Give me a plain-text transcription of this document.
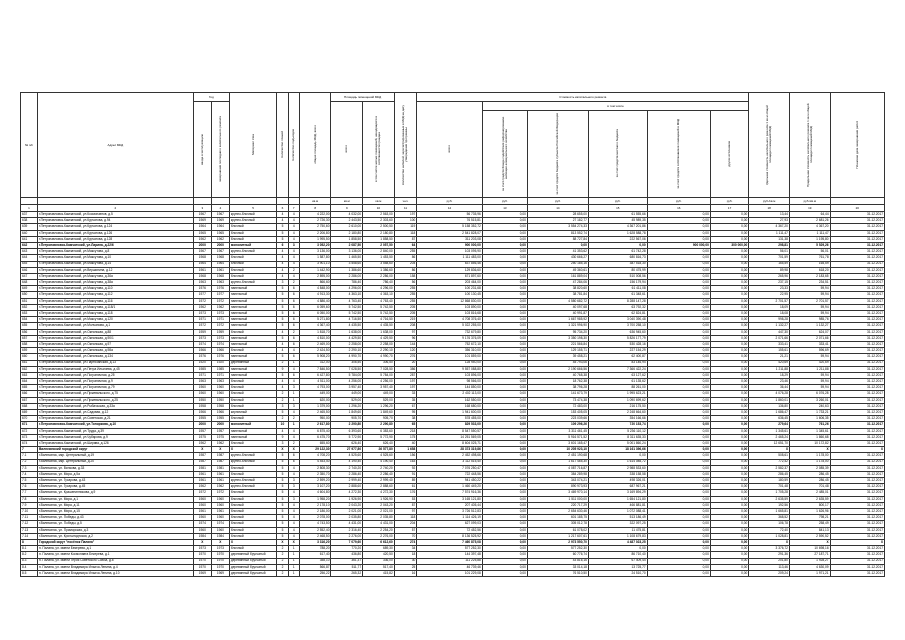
№ п/п	Адрес МКД	Год		Материал стен	Количество этажей	Количество подъездов	общая площадь МКД, всего	Площадь помещений МКД		Количество жителей, зарегистрированных в МКД на дату утверждения программы	Стоимость капитального ремонта						Удельная стоимость капитального ремонта 1 кв.м общей площади помещений МКД	Предельная стоимость капитального ремонта 1 кв.м общей площади помещений МКД	Плановая дата завершения работ
		ввода в эксплуатацию	завершения последнего капитального ремонта					всего	в том числе жилых помещений, находящихся в собственности граждан		всего	в том числе							
												за счет средств Фонда содействия реформированию жилищно-коммунального хозяйства	за счет средств бюджета субъекта Российской Федерации	за счет средств местного бюджета	за счет средств собственников помещений в МКД	других источников			
							кв.м	кв.м	кв.м	чел.	руб.	руб.	руб.	руб.	руб.	руб.	руб./кв.м	руб./кв.м	
1	2	3	4	5	6	7	8	9	10	11	12	13	14	15	16	17	18	19	20
637	г.Петропавловск-Камчатский, ул.Космонавтов, д.5	1967	1967	крупно-блочный	4	4	4 222,00	4 032,00	2 563,00	197	56 735,96	0,00	28 655,00	61 555,66	0,00	0,00	13,44	64,44	31.12.2017
638	г.Петропавловск-Камчатский, ул.Курчатова, д.94	1969	1969	крупно-блочный	4	4	2 726,30	2 443,50	2 303,60	100	76 515,81	0,00	27 182,77	45 989,35	0,00	0,00	27,93	2 681,26	31.12.2017
639	г.Петропавловск-Камчатский, ул.Курчатова, д.124	1964	1964	блочный	5	4	2 750,60	2 610,00	2 500,50	119	5 158 352,72	0,00	3 554 274,33	4 367 201,86	0,00	0,00	4 367,20	4 367,20	31.12.2017
640	г.Петропавловск-Камчатский, ул.Курчатова, д.126	1965	1965	блочный	5	4	2 206,80	2 180,80	2 180,80	118	2 541 828,07	0,00	813 552,74	1 628 588,78	0,00	0,00	1 111,47	1 111,47	31.12.2017
641	г.Петропавловск-Камчатский, ул.Курчатова, д.128	1962	1962	блочный	5	4	1 995,50	1 858,50	1 858,50	87	311 203,08	0,00	88 727,84	222 567,06	0,00	0,00	131,38	1 195,80	31.12.2017
642	г.Петропавловск-Камчатский, ул.Ларина, д.22/6	2000	2000	монолитный	6	3	3 052,20	2 087,50	2 057,50	64	900 000,00	0,00	0,00	0,00	900 000,00	300 000,00	298,81	5 529,26	31.12.2017
643	г.Петропавловск-Камчатский, ул.Максутова, д.8	1967	1967	крупно-блочный	4	4	3 136,00	3 136,00	2 840,00	255	103 095,90	0,00	41 353,62	61 742,28	0,00	0,00	56,01	56,01	31.12.2017
644	г.Петропавловск-Камчатский, ул.Максутова, д.10	1968	1968	блочный	4	4	1 587,80	1 465,50	1 453,50	86	1 111 483,00	0,00	430 666,27	680 816,73	0,00	0,00	701,59	761,78	31.12.2017
645	г.Петропавловск-Камчатский, ул.Максутова, д.14	1964	1964	блочный	4	4	3 901,10	3 558,60	3 558,60	204	637 856,46	0,00	250 185,16	387 518,30	0,00	0,00	165,59	165,59	31.12.2017
646	г.Петропавловск-Камчатский, ул.Вершинина, д.12	1961	1961	блочный	4	2	1 442,90	1 386,60	1 386,60	86	129 836,60	0,00	49 360,61	80 475,99	0,00	0,00	89,98	618,20	31.12.2017
647	г.Петропавловск-Камчатский, ул.Максутова, д.36а	1968	1968	блочный	4	4	2 895,00	2 286,00	2 286,00	158	671 897,60	0,00	161 889,04	510 008,56	0,00	0,00	265,96	2 183,65	31.12.2017
648	г.Петропавловск-Камчатский, ул.Максутова, д.38а	1963	1963	крупно-блочный	3	2	866,60	786,40	786,40	56	203 464,00	0,00	47 284,06	156 179,94	0,00	0,00	237,15	234,51	31.12.2017
649	г.Петропавловск-Камчатский, ул.Максутова, д.110	1976	1976	панельный	5	6	4 848,00	4 296,00	4 296,00	255	100 231,68	0,00	38 820,60	61 411,08	0,00	0,00	23,33	59,94	31.12.2017
650	г.Петропавловск-Камчатский, ул.Максутова, д.112	1977	1977	панельный	5	6	4 913,30	4 363,10	4 363,10	255	100 130,45	0,00	38 781,84	61 348,61	0,00	0,00	22,95	59,94	31.12.2017
651	г.Петропавловск-Камчатский, ул.Максутова, д.116	1972	1972	панельный	5	6	4 886,40	4 763,40	4 763,40	255	12 868 830,00	0,00	4 580 682,72	8 288 147,28	0,00	0,00	2 701,57	2 701,57	31.12.2017
652	г.Петропавловск-Камчатский, ул.Максутова, д.118/1	1962	1962	панельный	5	6	6 059,60	5 742,50	5 742,50	205	103 890,00	0,00	40 097,68	63 792,32	0,00	0,00	18,09	59,94	31.12.2017
653	г.Петропавловск-Камчатский, ул.Максутова, д.118	1973	1973	панельный	5	6	6 050,00	5 742,50	5 742,50	205	103 816,68	0,00	40 991,87	62 824,81	0,00	0,00	18,08	59,94	31.12.2017
654	г.Петропавловск-Камчатский, ул.Максутова, д.120	1971	1971	панельный	5	6	5 271,80	4 716,50	4 716,50	219	4 708 376,40	0,00	1 667 985,92	3 040 390,48	0,00	0,00	998,28	985,76	31.12.2017
655	г.Петропавловск-Камчатский, ул.Молчанова, д.1	1972	1972	панельный	5	6	4 367,40	4 435,50	4 435,50	208	5 022 255,00	0,00	1 321 996,90	3 700 258,10	0,00	0,00	1 132,27	1 132,27	31.12.2017
656	г.Петропавловск-Камчатский, ул.Океанская, д.88	1959	1959	блочный	4	2	1 818,70	1 638,00	1 638,00	97	732 679,80	0,00	95 734,20	636 945,60	0,00	0,00	447,30	624,07	31.12.2017
657	г.Петропавловск-Камчатский, ул.Океанская, д.90/1	1973	1973	панельный	5	6	4 810,00	4 429,50	4 429,50	96	9 176 376,09	0,00	3 350 198,30	5 826 177,79	0,00	0,00	2 071,66	2 071,66	31.12.2017
658	г.Петропавловск-Камчатский, ул.Океанская, д.97	1974	1974	панельный	4	6	2 469,00	2 258,00	2 258,00	144	752 672,10	0,00	221 566,84	530 428,16	0,00	0,00	333,41	333,41	31.12.2017
659	г.Петропавловск-Камчатский, ул.Океанская, д.98а	1966	1966	блочный	4	4	2 424,50	2 290,10	2 290,10	120	356 310,00	0,00	129 155,71	227 154,29	0,00	0,00	155,61	596,69	31.12.2017
660	г.Петропавловск-Камчатский, ул.Океанская, д.134	1976	1976	панельный	5	6	5 908,20	4 990,70	4 990,70	276	101 859,00	0,00	39 458,21	62 400,87	0,00	0,00	21,21	59,94	31.12.2017
661	г.Петропавловск-Камчатский, ул.Партизанская, д.13	1920	1920	деревянный	2	1	312,00	306,50	306,50	20	128 940,00	0,00	45 793,06	83 146,94	0,00	0,00	420,69	420,69	31.12.2017
662	г.Петропавловск-Камчатский, ул.Петра Ильичева, д.45	1985	1985	панельный	9	4	7 846,50	7 028,50	7 028,50	386	9 557 088,80	0,00	2 190 666,56	7 366 422,24	0,00	0,00	1 211,88	1 211,88	31.12.2017
663	г.Петропавловск-Камчатский, ул.Пограничная, д.25	1971	1971	панельный	5	6	6 427,80	5 784,00	5 784,00	287	103 896,00	0,00	40 768,38	63 127,62	0,00	0,00	18,29	59,94	31.12.2017
664	г.Петропавловск-Камчатский, ул.Пограничная, д.9	1963	1963	блочный	4	4	4 511,00	4 256,00	4 256,00	197	98 566,00	0,00	18 762,38	61 135,62	0,00	0,00	23,46	59,94	31.12.2017
665	г.Петропавловск-Камчатский, ул.Пограничная, д.79	1960	1960	блочный	4	3	4 793,00	3 957,40	3 957,40	197	144 850,00	0,00	38 796,28	88 261,00	0,00	0,00	36,44	59,94	31.12.2017
666	г.Петропавловск-Камчатский, ул.Пржевальского, д.75	1960	1960	блочный	2	1	449,00	449,00	449,00	33	2 402 113,00	0,00	141 673,79	1 995 623,21	0,00	0,00	4 076,28	6 076,28	31.12.2017
667	г.Петропавловск-Камчатский, ул.Пржевальского, д.25	1950	1950	блочный	2	1	620,00	529,00	529,00	35	162 550,00	0,00	73 474,38	1 090 699,62	0,00	0,00	1 860,01	3 260,01	31.12.2017
668	г.Петропавловск-Камчатский, ул.Рыбачьская, д.33а	1958	1958	блочный	3	3	1 379,00	1 296,20	1 296,20	67	168 680,00	0,00	72 483,00	216 175,50	0,00	0,00	136,80	240,63	31.12.2017
669	г.Петропавловск-Камчатский, ул.Садовая, д.12	1966	1966	кирпичный	5	4	2 465,50	1 849,60	1 849,60	95	1 941 600,00	0,00	153 405,05	2 248 664,60	0,00	0,00	1 686,47	1 733,21	31.12.2017
670	г.Петропавловск-Камчатский, ул.Советская, д.21	1955	1955	блочный	2	2	950,00	905,70	905,70	38	578 455,00	0,00	223 039,66	354 166,66	0,00	0,00	636,45	1 606,35	31.12.2017
671	г.Петропавловск-Камчатский, ул.Топоркова, д.10	2000	2000	монолитный	10	1	2 617,80	2 290,80	2 290,80	65	829 533,00	0,00	109 296,26	720 153,74	0,00	0,00	279,64	761,26	31.12.2017
672	г.Петропавловск-Камчатский, ул.Труда, д.39	1957	1957	панельный	4	4	6 875,40	6 393,60	6 383,60	218	8 547 550,57	0,00	3 311 461,45	5 236 110,12	0,00	0,00	1 345,61	1 345,61	31.12.2017
673	г.Петропавловск-Камчатский, ул.Чубарова, д.9	1975	1975	панельный	9	4	6 475,70	5 772,90	5 772,90	175	14 251 569,05	0,00	5 916 571,52	8 311 635,33	0,00	0,00	2 465,24	1 860,68	31.12.2017
674	г.Петропавловск-Камчатский, ул.Ширява, д.126	1962	1962	блочный	3	2	655,60	626,40	626,40	40	8 604 025,71	0,00	3 601 165,47	5 001 860,24	0,00	0,00	12 651,70	10 172,82	31.12.2017
7	Вилючинский городской округ	X	X	X	X	X	29 122,30	27 977,80	26 577,80	1 658	28 373 319,86	0,00	10 205 923,10	18 161 396,66	0,00	0,00	X	X	X
7.1	г.Вилючинск, мкр. Центральный, д.19	1987	1987	крупно-блочный	5	6	4 708,20	4 525,60	4 525,60	156	2 452 498,66	0,00	2 451 190,68	0,00	0,00	0,00	508,61	1 178,00	31.12.2017
7.2	г.Вилючинск, мкр. Центральный, д.20	1987	1987	крупно-блочный	5	6	4 453,40	4 190,40	4 190,40	163	3 112 515,40	0,00	1 617 465,30	1 614 085,72	0,00	0,00	772,42	1 178,00	31.12.2017
7.3	г.Вилючинск, ул. Вилкова, д.33	1981	1981	блочный	5	4	2 808,30	2 740,20	2 740,20	92	7 076 250,47	0,00	4 087 716,87	2 988 533,60	0,00	0,00	2 582,37	2 085,39	31.12.2017
7.4	г.Вилючинск, ул. Мира, д.5а	1961	1961	блочный	5	4	2 350,70	2 286,40	2 286,40	91	722 448,56	0,00	384 289,98	338 158,58	0,00	0,00	286,45	286,45	31.12.2017
7.5	г.Вилючинск, ул. Гусарова, д.43	1961	1961	крупно-блочный	5	3	2 599,20	2 999,40	2 999,40	89	941 450,22	0,00	343 074,21	498 326,01	0,00	0,00	180,59	286,45	31.12.2017
7.6	г.Вилючинск, ул. Гусарова, д.45	1962	1962	крупно-блочный	5	3	3 107,20	2 888,60	2 888,60	61	1 460 449,20	0,00	890 973,93	687 967,21	0,00	0,00	701,48	701,48	31.12.2017
7.7	г.Вилючинск, ул. Крашенинникова, д.9	1972	1972	блочный	5	4	4 604,80	4 272,30	4 272,30	176	7 574 916,36	0,00	3 469 970,14	3 169 894,29	0,00	0,00	1 705,28	2 485,01	31.12.2017
7.8	г.Вилючинск, ул. Мира, д.1	1960	1960	блочный	5	3	1 958,20	1 926,90	1 926,90	53	3 165 121,80	0,00	1 511 000,00	1 654 121,80	0,00	0,00	2 635,59	2 635,59	31.12.2017
7.9	г.Вилючинск, ул. Мира, д.11	1960	1960	блочный	5	4	2 178,10	2 043,20	2 043,20	87	207 405,44	0,00	220 717,29	466 881,81	0,00	0,00	192,56	800,17	31.12.2017
7.10	г.Вилючинск, ул. Мира, д.15	1961	1961	блочный	5	4	2 186,00	2 021,00	2 021,00	97	3 726 512,83	0,00	2 654 630,46	1 072 088,41	0,00	0,00	1 665,81	1 626,96	31.12.2017
7.11	г.Вилючинск, ул. Победы, д.43	1960	1960	блочный	5	4	2 078,00	2 035,80	2 035,80	118	1 114 426,19	0,00	601 185,75	513 186,49	0,00	0,00	368,52	798,21	31.12.2017
7.12	г.Вилючинск, ул. Победы, д.5	1974	1974	блочный	5	4	4 743,50	4 431,00	4 431,00	204	627 099,03	0,00	305 012,78	322 097,25	0,00	0,00	106,78	258,49	31.12.2017
7.13	г.Вилючинск, ул. Приморская, д.3	1960	1960	блочный	5	4	2 552,40	2 316,40	2 254,20	57	72 452,56	0,00	61 078,02	11 475,81	0,00	0,00	72,40	841,13	31.12.2017
7.14	г.Вилючинск, ул. Кронштадтская, д.2	1984	1984	блочный	5	4	2 468,50	2 276,00	2 276,00	70	8 136 525,92	0,00	1 217 607,61	1 108 679,83	0,00	0,00	1 028,81	2 590,52	31.12.2017
8	Городской округ "посёлок Палана"	X	X	X	X	X	3 316,20	7 079,60	6 612,60	274	7 460 875,08	0,00	2 973 550,70	4 487 023,25	0,00	0,00	X	X	X
8.1	п. Палана, ул. имени Бекерева, д.1	1973	1973	блочный	2	1	788,20	770,20	689,30	34	577 252,30	0,00	577 252,30	0,00	0,00	0,00	3 376,72	10 698,16	31.12.2017
8.2	п. Палана, ул. имени Космонавта Бекерева, д.1	1970	1970	деревянный брусчатый	2	1	617,40	436,80	420,50	18	144 397,48	0,00	60 776,74	86 710,40	0,00	0,00	291,36	27 187,71	31.12.2017
8.3	п. Палана, ул. имени Героя Советского Союза, д.8	1970	1970	деревянный брусчатый	2	1	358,10	361,37	336,00	30	111 225,88	0,00	43 816,16	67 409,44	0,00	0,00	201,80	1 928,27	31.12.2017
8.4	п. Палана, ул. имени Владимира Ильича Ленина, д.4	1970	1970	деревянный брусчатый	2	1	566,87	511,77	517,40	25	46 739,46	0,00	33 014,18	13 725,77	0,00	0,00	113,46	4 630,09	31.12.2017
8.5	п. Палана, ул. имени Владимира Ильича Ленина, д.10	1969	1969	деревянный брусчатый	2	1	256,22	265,32	415,82	16	101 229,08	0,00	76 510,50	24 510,70	0,00	0,00	209,24	1 971,21	31.12.2017
